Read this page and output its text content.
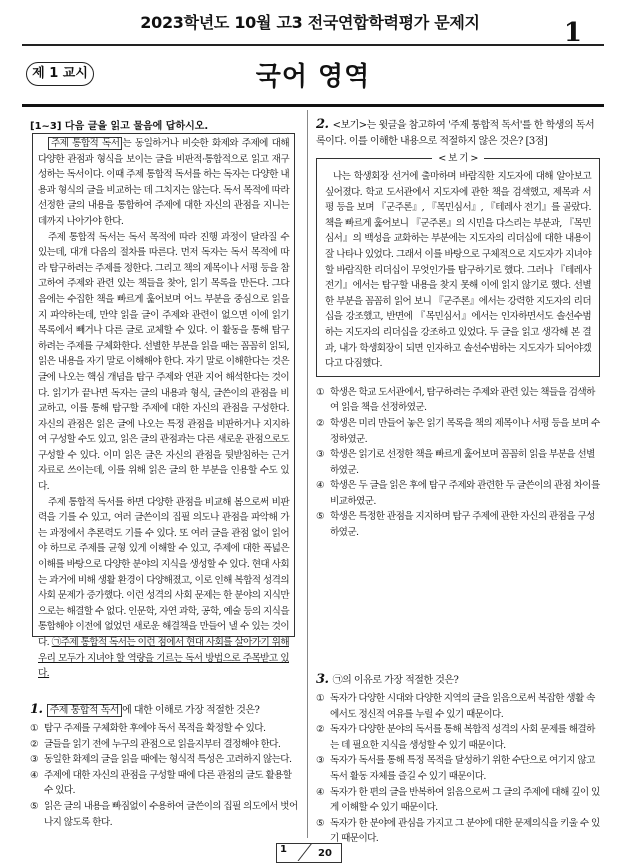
2023학년도 10월 고3 전국연합학력평가 문제지	1
제 1 교시	국어 영역
[1~3] 다음 글을 읽고 물음에 답하시오.

주제 통합적 독서 는 동일하거나 비슷한 화제와 주제에 대해 다양한 관점과 형식을 보이는 글을 비판적·통합적으로 읽고 재구성하는 독서이다. 이때 주제 통합적 독서를 하는 독자는 다양한 내용과 형식의 글을 비교하는 데 그치지는 않는다. 독서 목적에 따라 선정한 글의 내용을 통합하여 주제에 대한 자신의 관점을 지니는 데까지 나아가야 한다.

주제 통합적 독서는 독서 목적에 따라 진행 과정이 달라질 수 있는데, 대개 다음의 절차를 따른다. 먼저 독자는 독서 목적에 따라 탐구하려는 주제를 정한다. 그리고 책의 제목이나 서평 등을 참고하여 주제와 관련 있는 책들을 찾아, 읽기 목록을 만든다. 그다음에는 수집한 책을 빠르게 훑어보며 어느 부분을 중심으로 읽을지 파악하는데, 만약 읽을 글이 주제와 관련이 없으면 이에 읽기 목록에서 빼거나 다른 글로 교체할 수 있다. 이 활동을 통해 탐구하려는 주제를 구체화한다. 선별한 부분을 읽을 때는 꼼꼼히 읽되, 읽은 내용을 자기 말로 이해해야 한다. 자기 말로 이해한다는 것은 글에 나오는 핵심 개념을 탐구 주제와 연관 지어 해석한다는 것이다. 읽기가 끝나면 독자는 글의 내용과 형식, 글쓴이의 관점을 비교하고, 이를 통해 탐구할 주제에 대한 자신의 관점을 구성한다. 자신의 관점은 읽은 글에 나오는 특정 관점을 비판하거나 지지하여 구성할 수도 있고, 읽은 글의 관점과는 다른 새로운 관점으로도 구성할 수 있다. 이미 읽은 글은 자신의 관점을 뒷받침하는 근거 자료로 쓰이는데, 이를 위해 읽은 글의 한 부분을 인용할 수도 있다.

주제 통합적 독서를 하면 다양한 관점을 비교해 봄으로써 비판력을 기를 수 있고, 여러 글쓴이의 집필 의도나 관점을 파악해 가는 과정에서 추론력도 기를 수 있다. 또 여러 글을 관점 없이 읽어야 하므로 주제를 균형 있게 이해할 수 있고, 주제에 대한 폭넓은 이해를 바탕으로 다양한 분야의 지식을 생성할 수 있다. 현대 사회는 과거에 비해 생활 환경이 다양해졌고, 이로 인해 복합적 성격의 사회 문제가 증가했다. 이런 성격의 사회 문제는 한 분야의 지식만으로는 해결할 수 없다. 인문학, 자연 과학, 공학, 예술 등의 지식을 통합해야 이전에 없었던 새로운 해결책을 만들어 낼 수 있는 것이다. ㉠주제 통합적 독서는 이런 점에서 현대 사회를 살아가기 위해 우리 모두가 지녀야 할 역량을 기르는 독서 방법으로 주목받고 있다.

1. 주제 통합적 독서 에 대한 이해로 가장 적절한 것은?
① 탐구 주제를 구체화한 후에야 독서 목적을 확정할 수 있다.
② 글들을 읽기 전에 누구의 관점으로 읽을지부터 결정해야 한다.
③ 동일한 화제의 글을 읽을 때에는 형식적 특성은 고려하지 않는다.
④ 주제에 대한 자신의 관점을 구성할 때에 다른 관점의 글도 활용할 수 있다.
⑤ 읽은 글의 내용을 빠짐없이 수용하여 글쓴이의 집필 의도에서 벗어나지 않도록 한다.
2. <보기>는 윗글을 참고하여 '주제 통합적 독서'를 한 학생의 독서록이다. 이를 이해한 내용으로 적절하지 않은 것은? [3점]
< 보 기 >

나는 학생회장 선거에 출마하며 바람직한 지도자에 대해 알아보고 싶어졌다. 학교 도서관에서 지도자에 관한 책을 검색했고, 제목과 서평 등을 보며 『군주론』, 『목민심서』, 『테레사 전기』를 골랐다. 책을 빠르게 훑어보니 『군주론』의 시민을 다스리는 부분과, 『목민심서』의 백성을 교화하는 부분에는 지도자의 리더십에 대한 내용이 잘 나타나 있었다. 그래서 이를 바탕으로 구체적으로 지도자가 지녀야 할 바람직한 리더십이 무엇인가를 탐구하기로 했다. 그러나 『테레사 전기』에서는 탐구할 내용을 찾지 못해 이에 읽지 않기로 했다. 선별한 부분을 꼼꼼히 읽어 보니 『군주론』에서는 강력한 지도자의 리더십을 강조했고, 반면에 『목민심서』에서는 인자하면서도 솔선수범하는 지도자의 리더십을 강조하고 있었다. 두 글을 읽고 생각해 본 결과, 내가 학생회장이 되면 인자하고 솔선수범하는 지도자가 되어야겠다고 다짐했다.

① 학생은 학교 도서관에서, 탐구하려는 주제와 관련 있는 책들을 검색하여 읽을 책을 선정하였군.
② 학생은 미리 만들어 놓은 읽기 목록을 책의 제목이나 서평 등을 보며 수정하였군.
③ 학생은 읽기로 선정한 책을 빠르게 훑어보며 꼼꼼히 읽을 부분을 선별하였군.
④ 학생은 두 글을 읽은 후에 탐구 주제와 관련한 두 글쓴이의 관점 차이를 비교하였군.
⑤ 학생은 특정한 관점을 지지하며 탐구 주제에 관한 자신의 관점을 구성하였군.
3. ㉠의 이유로 가장 적절한 것은?
① 독자가 다양한 시대와 다양한 지역의 글을 읽음으로써 복잡한 생활 속에서도 정신적 여유를 누릴 수 있기 때문이다.
② 독자가 다양한 분야의 독서를 통해 복합적 성격의 사회 문제를 해결하는 데 필요한 지식을 생성할 수 있기 때문이다.
③ 독자가 독서를 통해 특정 목적을 달성하기 위한 수단으로 여기지 않고 독서 활동 자체를 즐길 수 있기 때문이다.
④ 독자가 한 편의 글을 반복하여 읽음으로써 그 글의 주제에 대해 깊이 있게 이해할 수 있기 때문이다.
⑤ 독자가 한 분야에 관심을 가지고 그 분야에 대한 문제의식을 키울 수 있기 때문이다.
1	20
